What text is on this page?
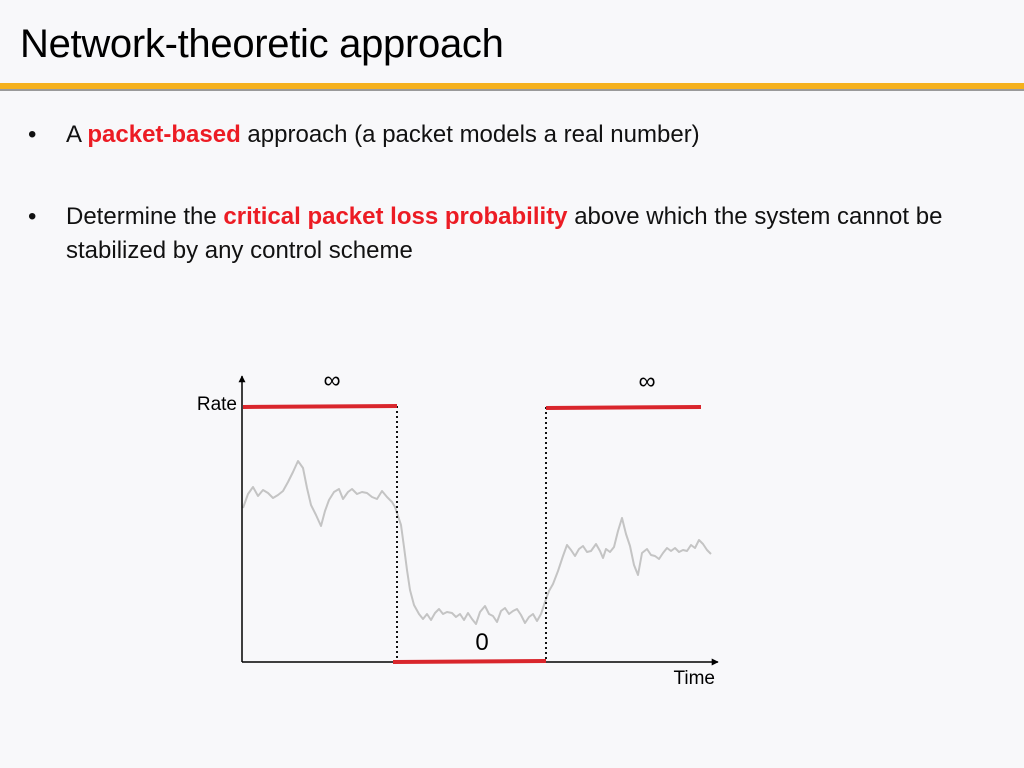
Network-theoretic approach
• A packet-based approach (a packet models a real number)
• Determine the critical packet loss probability above which the system cannot be stabilized by any control scheme
Rate
Time
∞	∞
0
